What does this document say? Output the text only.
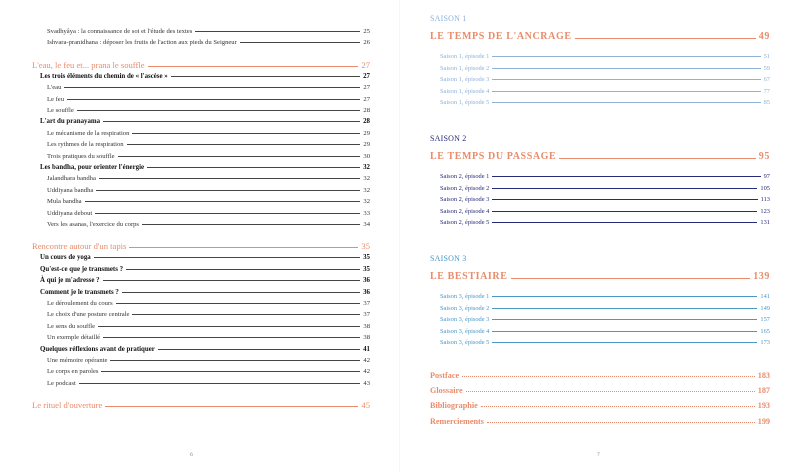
Svadhyâya : la connaissance de soi et l'étude des textes	25
Ishvara-pranidhana : déposer les fruits de l'action aux pieds du Seigneur	26
L'eau, le feu et... prana le souffle	27
Les trois éléments du chemin de « l'ascèse »	27
L'eau	27
Le feu	27
Le souffle	28
L'art du pranayama	28
Le mécanisme de la respiration	29
Les rythmes de la respiration	29
Trois pratiques du souffle	30
Les bandha, pour orienter l'énergie	32
Jalandhara bandha	32
Uddiyana bandha	32
Mula bandha	32
Uddiyana debout	33
Vers les asanas, l'exercice du corps	34
Rencontre autour d'un tapis	35
Un cours de yoga	35
Qu'est-ce que je transmets ?	35
À qui je m'adresse ?	36
Comment je le transmets ?	36
Le déroulement du cours	37
Le choix d'une posture centrale	37
Le sens du souffle	38
Un exemple détaillé	38
Quelques réflexions avant de pratiquer	41
Une mémoire opérante	42
Le corps en paroles	42
Le podcast	43
Le rituel d'ouverture	45
6
SAISON 1
LE TEMPS DE L'ANCRAGE	49
Saison 1, épisode 1	51
Saison 1, épisode 2	59
Saison 1, épisode 3	67
Saison 1, épisode 4	77
Saison 1, épisode 5	85
SAISON 2
LE TEMPS DU PASSAGE	95
Saison 2, épisode 1	97
Saison 2, épisode 2	105
Saison 2, épisode 3	113
Saison 2, épisode 4	123
Saison 2, épisode 5	131
SAISON 3
LE BESTIAIRE	139
Saison 3, épisode 1	141
Saison 3, épisode 2	149
Saison 3, épisode 3	157
Saison 3, épisode 4	165
Saison 3, épisode 5	173
Postface	183
Glossaire	187
Bibliographie	193
Remerciements	199
7
